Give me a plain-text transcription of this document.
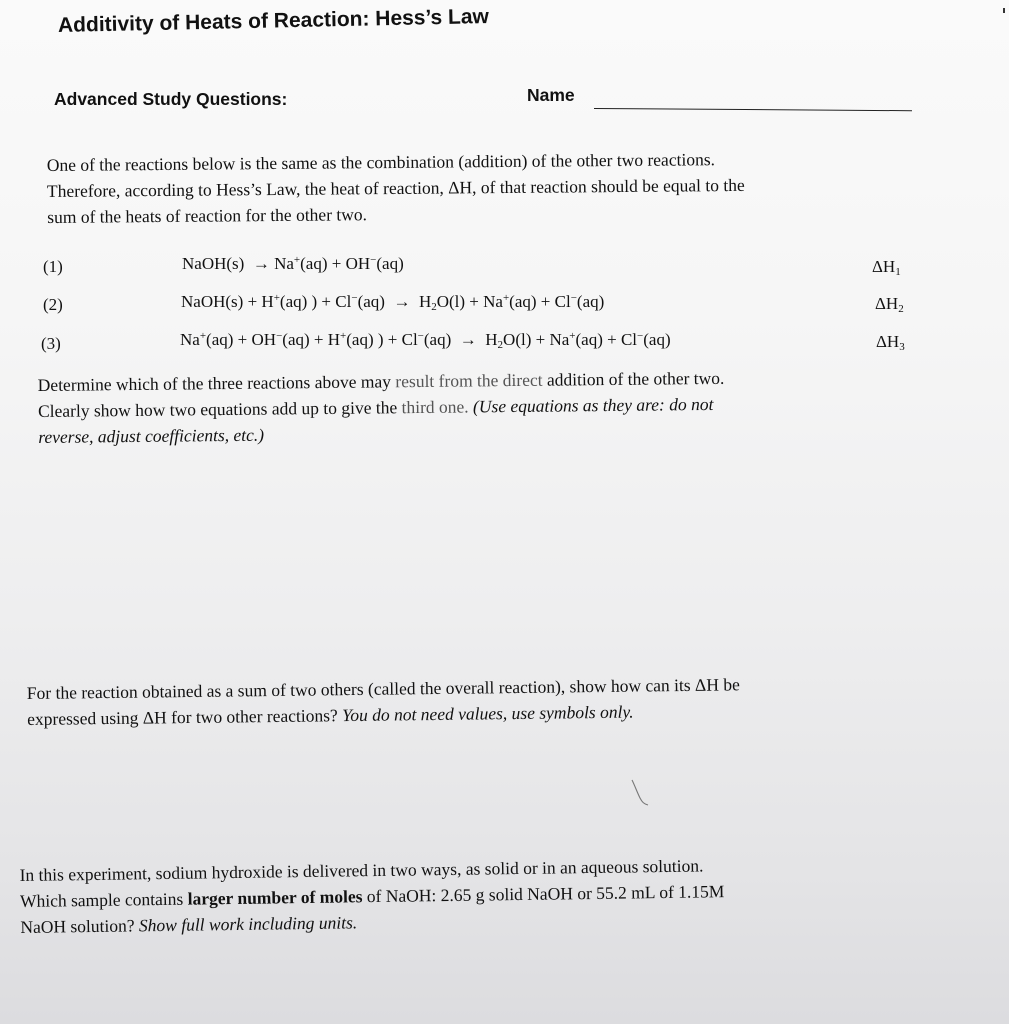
Additivity of Heats of Reaction: Hess’s Law
Advanced Study Questions:	Name
One of the reactions below is the same as the combination (addition) of the other two reactions.
Therefore, according to Hess’s Law, the heat of reaction, ΔH, of that reaction should be equal to the
sum of the heats of reaction for the other two.
(1)	NaOH(s) → Na+(aq) + OH−(aq)	$\Delta H_1$
(2)	NaOH(s) + H+(aq) ) + $Cl^-(aq) \to H_2O(l) + Na^+(aq) + Cl^-(aq)$	$\Delta H_2$
(3)	Na+(aq) + OH−(aq) + H+(aq) ) + $Cl^-(aq) \to H_2O(l) + Na^+(aq) + Cl^-(aq)$	$\Delta H_3$
Determine which of the three reactions above may result from the direct addition of the other two.
Clearly show how two equations add up to give the third one. (Use equations as they are: do not
reverse, adjust coefficients, etc.)
For the reaction obtained as a sum of two others (called the overall reaction), show how can its ΔH be
expressed using ΔH for two other reactions? You do not need values, use symbols only.
In this experiment, sodium hydroxide is delivered in two ways, as solid or in an aqueous solution.
Which sample contains larger number of moles of NaOH: 2.65 g solid NaOH or 55.2 mL of 1.15M
NaOH solution? Show full work including units.
